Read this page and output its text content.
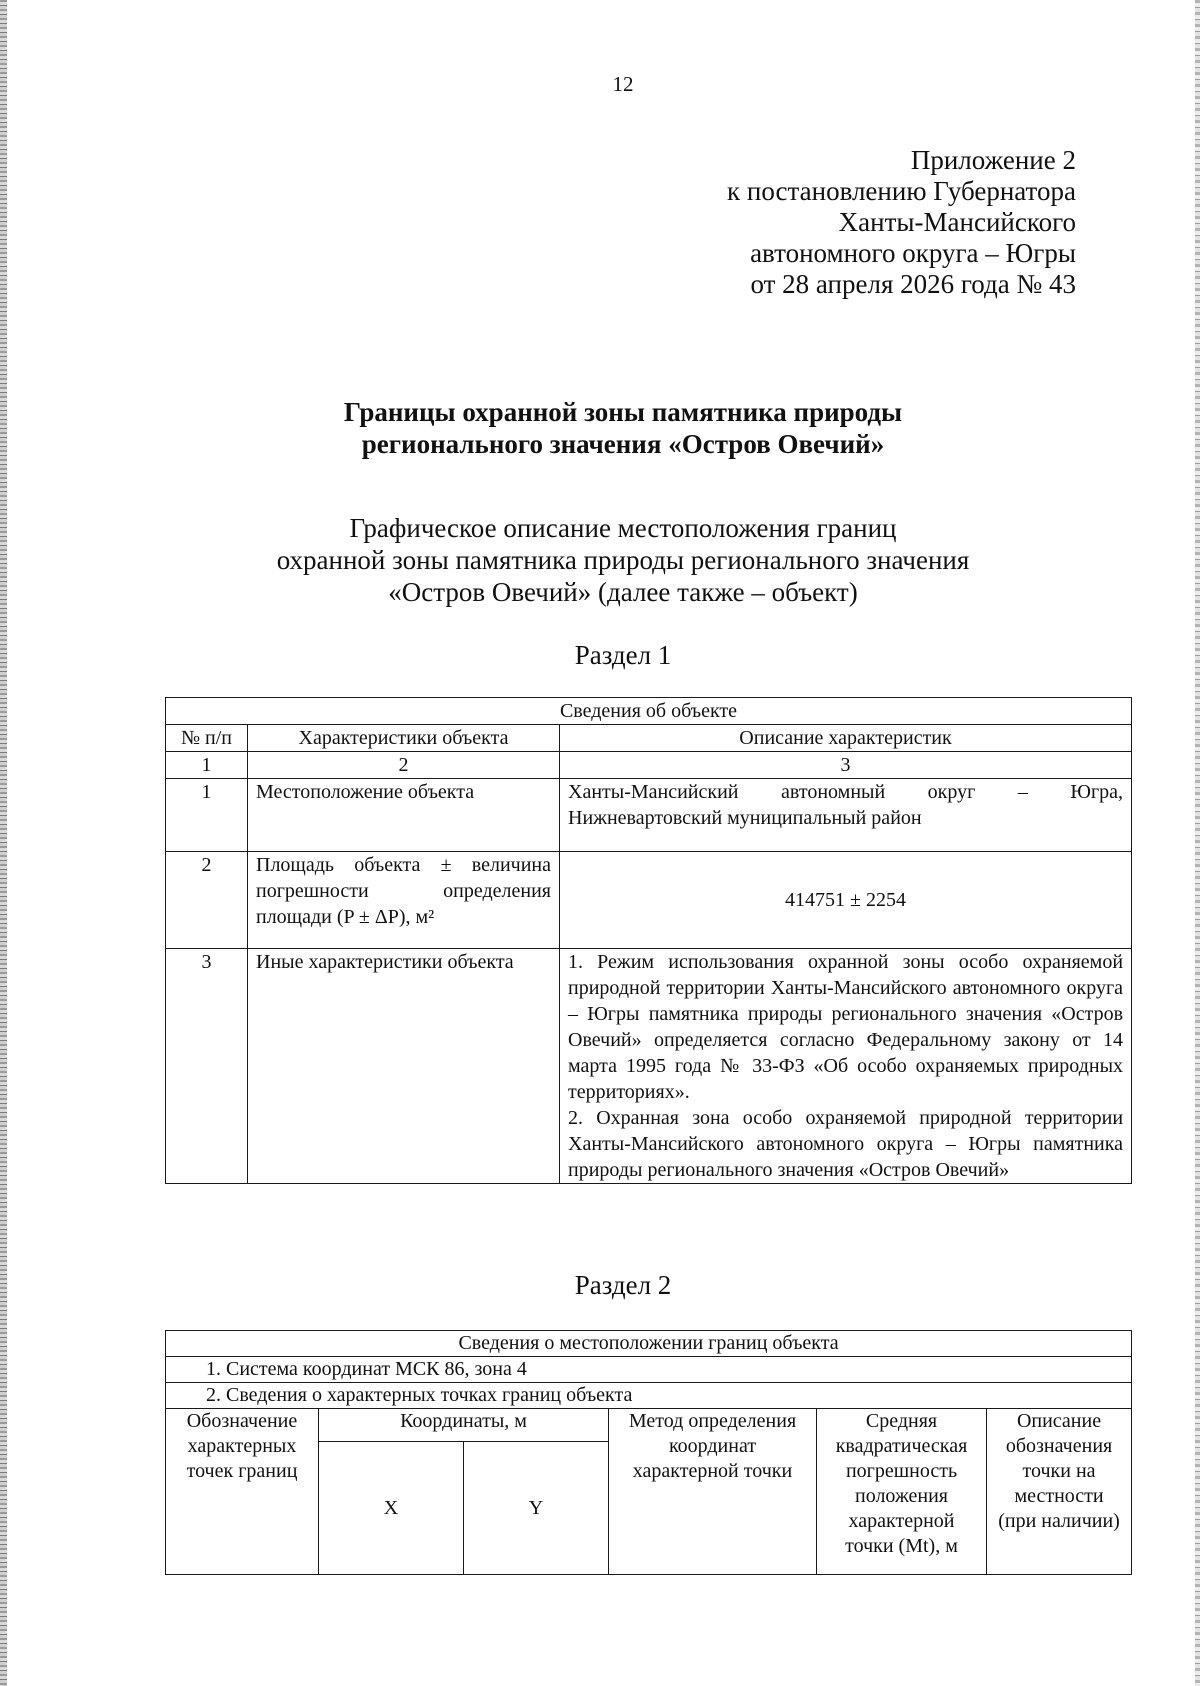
12
Приложение 2
к постановлению Губернатора
Ханты-Мансийского
автономного округа – Югры
от 28 апреля 2026 года № 43
Границы охранной зоны памятника природы
регионального значения «Остров Овечий»
Графическое описание местоположения границ
охранной зоны памятника природы регионального значения
«Остров Овечий» (далее также – объект)
Раздел 1
Сведения об объекте		
№ п/п	Характеристики объекта	Описание характеристик
1	2	3
1	Местоположение объекта	Ханты-Мансийский автономный округ – Югра, Нижневартовский муниципальный район
2	Площадь объекта ± величина погрешности определения площади (P ± ΔP), м²	414751 ± 2254
3	Иные характеристики объекта	1. Режим использования охранной зоны особо охраняемой природной территории Ханты-Мансийского автономного округа – Югры памятника природы регионального значения «Остров Овечий» определяется согласно Федеральному закону от 14 марта 1995 года № 33-ФЗ «Об особо охраняемых природных территориях».
2. Охранная зона особо охраняемой природной территории Ханты-Мансийского автономного округа – Югры памятника природы регионального значения «Остров Овечий»
Раздел 2
Сведения о местоположении границ объекта					
1. Система координат МСК 86, зона 4					
2. Сведения о характерных точках границ объекта					
Обозначение характерных точек границ	Координаты, м		Метод определения координат характерной точки	Средняя квадратическая погрешность положения характерной точки (Mt), м	Описание обозначения точки на местности (при наличии)
	X	Y			
